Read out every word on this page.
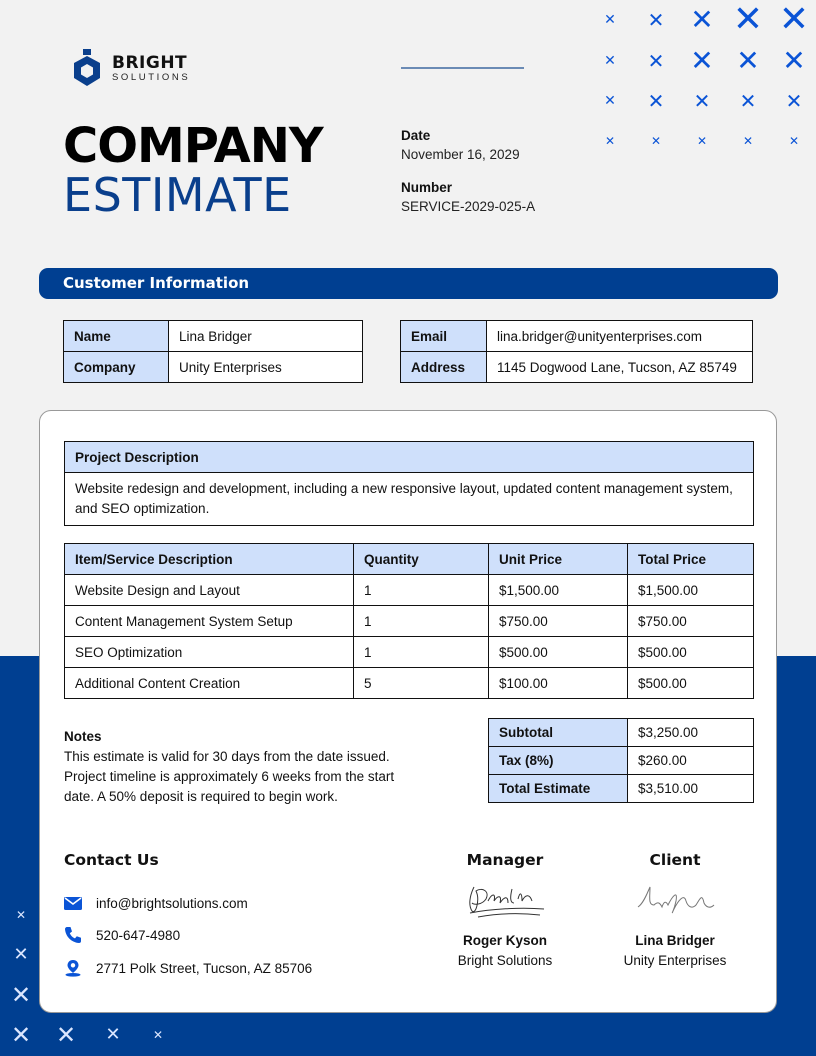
BRIGHT
SOLUTIONS
COMPANY
ESTIMATE
Date
November 16, 2029
Number
SERVICE-2029-025-A
✕ ✕ ✕ ✕ ✕
✕ ✕ ✕ ✕ ✕
✕ ✕ ✕ ✕ ✕
✕	✕	✕	✕	✕
Customer Information
Name	Lina Bridger
Company	Unity Enterprises
Email	lina.bridger@unityenterprises.com
Address	1145 Dogwood Lane, Tucson, AZ 85749
Project Description
Website redesign and development, including a new responsive layout, updated content management system, and SEO optimization.
Item/Service Description	Quantity	Unit Price	Total Price
Website Design and Layout	1	$1,500.00	$1,500.00
Content Management System Setup	1	$750.00	$750.00
SEO Optimization	1	$500.00	$500.00
Additional Content Creation	5	$100.00	$500.00
Notes
This estimate is valid for 30 days from the date issued. Project timeline is approximately 6 weeks from the start date. A 50% deposit is required to begin work.
Subtotal	$3,250.00
Tax (8%)	$260.00
Total Estimate	$3,510.00
Contact Us
info@brightsolutions.com
520-647-4980
2771 Polk Street, Tucson, AZ 85706
Manager
Roger Kyson
Bright Solutions
Client
Lina Bridger
Unity Enterprises
✕
✕
✕
✕ ✕ ✕	✕
